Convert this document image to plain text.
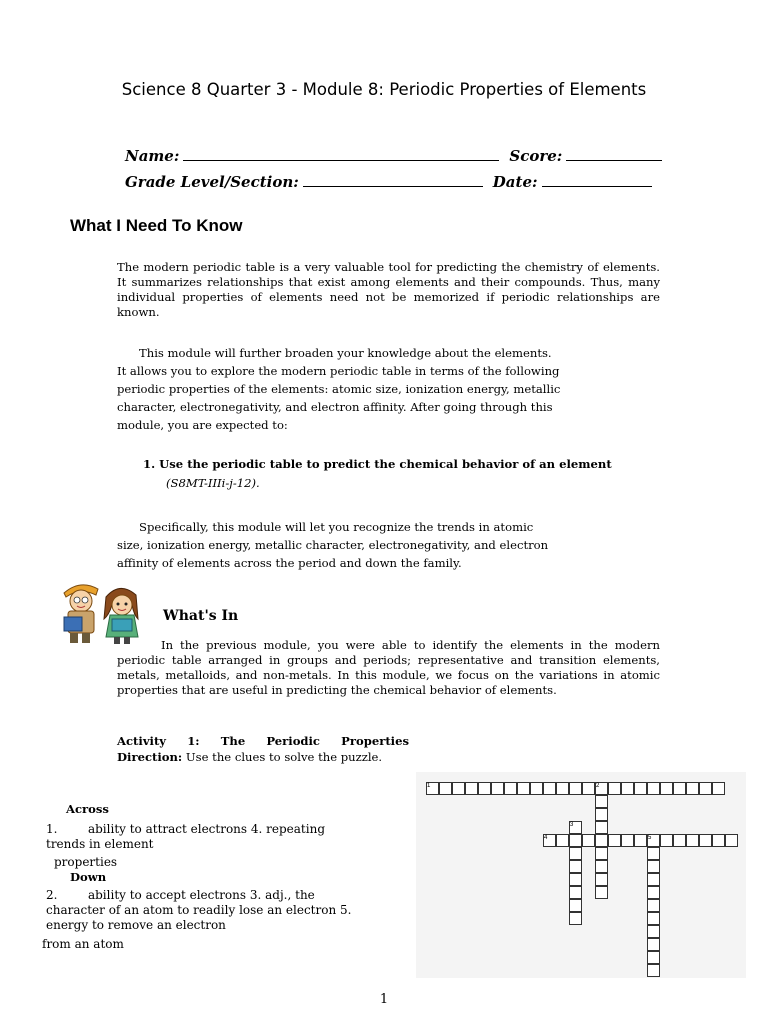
Science 8 Quarter 3 - Module 8: Periodic Properties of Elements
Name:	Score:
Grade Level/Section:	Date:
What I Need To Know
The modern periodic table is a very valuable tool for predicting the chemistry of elements. It summarizes relationships that exist among elements and their compounds. Thus, many individual properties of elements need not be memorized if periodic relationships are known.
This module will further broaden your knowledge about the elements.
It allows you to explore the modern periodic table in terms of the following
periodic properties of the elements: atomic size, ionization energy, metallic
character, electronegativity, and electron affinity. After going through this
module, you are expected to:
1. Use the periodic table to predict the chemical behavior of an element
(S8MT-IIIi-j-12).
Specifically, this module will let you recognize the trends in atomic
size, ionization energy, metallic character, electronegativity, and electron
affinity of elements across the period and down the family.
What's In
In the previous module, you were able to identify the elements in the modern periodic table arranged in groups and periods; representative and transition elements, metals, metalloids, and non-metals. In this module, we focus on the variations in atomic properties that are useful in predicting the chemical behavior of elements.
Activity 1: The Periodic Properties
Direction: Use the clues to solve the puzzle.
Across
1.        ability to attract electrons 4. repeating
trends in element
properties
Down
2.        ability to accept electrons 3. adj., the
character of an atom to readily lose an electron 5.
energy to remove an electron
from an atom
1	2
3
4	5
1
